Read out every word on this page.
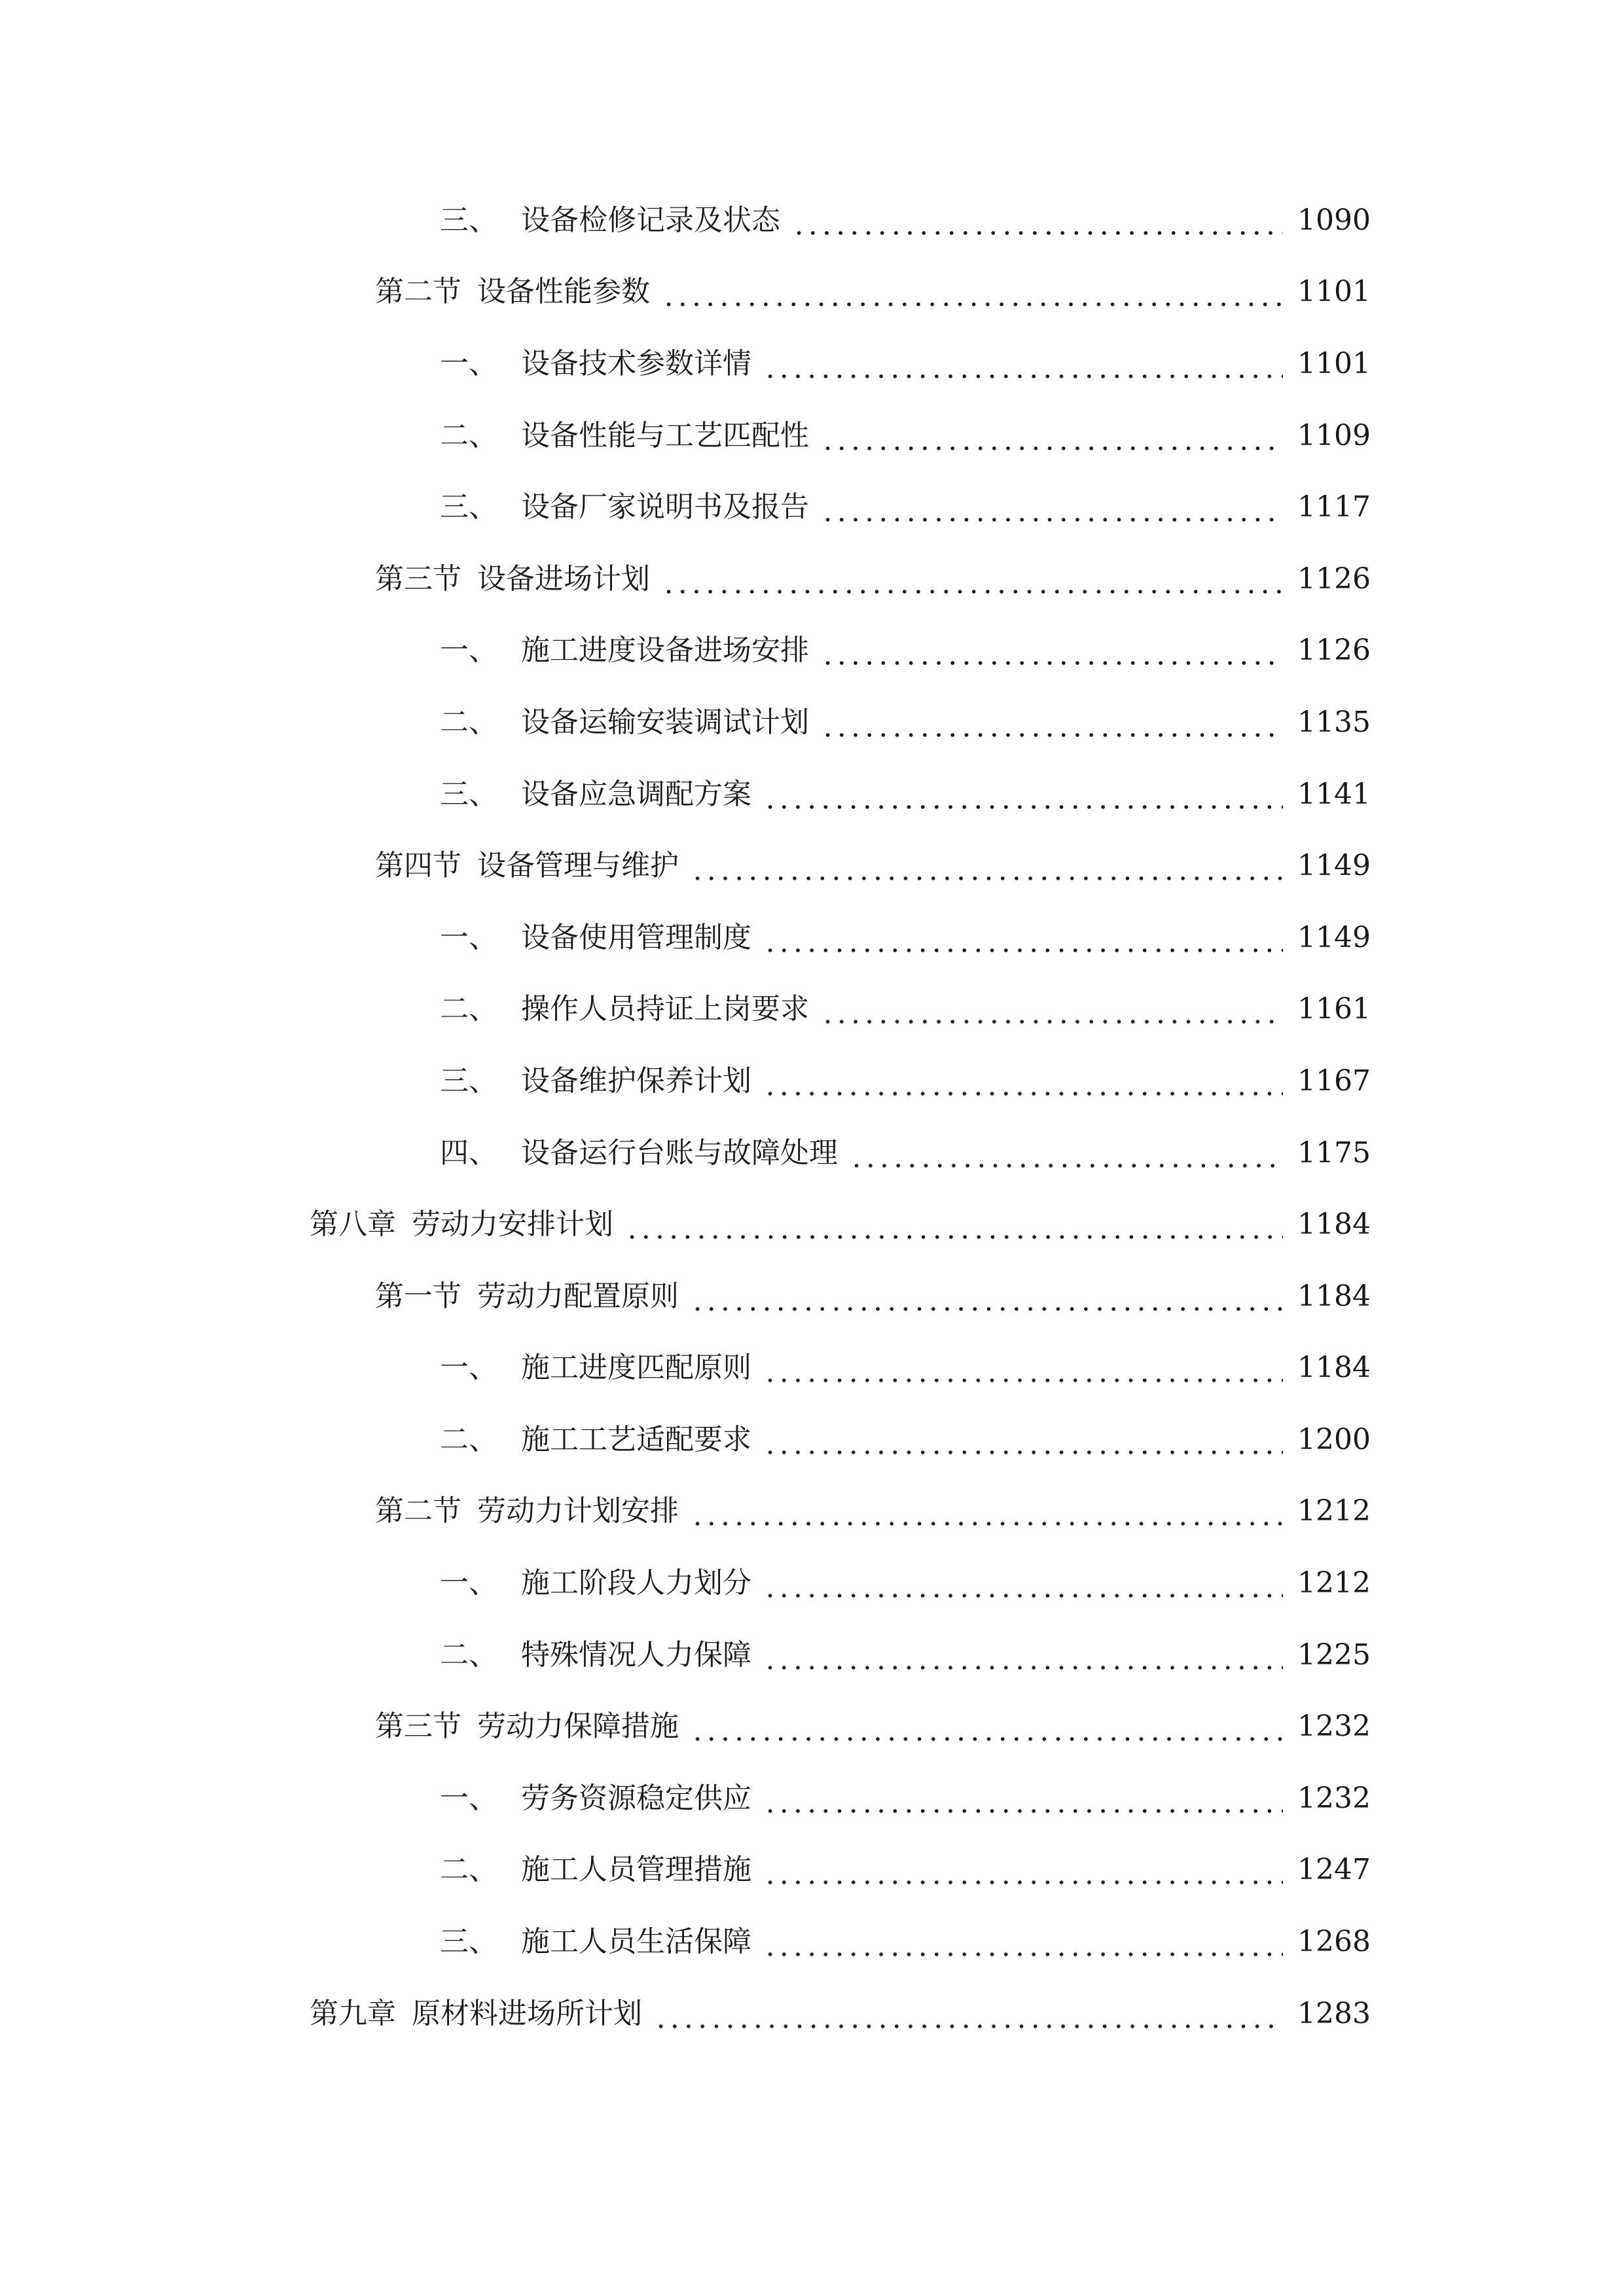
三、 设备检修记录及状态	1090
第二节 设备性能参数	1101
一、 设备技术参数详情	1101
二、 设备性能与工艺匹配性	1109
三、 设备厂家说明书及报告	1117
第三节 设备进场计划	1126
一、 施工进度设备进场安排	1126
二、 设备运输安装调试计划	1135
三、 设备应急调配方案	1141
第四节 设备管理与维护	1149
一、 设备使用管理制度	1149
二、 操作人员持证上岗要求	1161
三、 设备维护保养计划	1167
四、 设备运行台账与故障处理	1175
第八章 劳动力安排计划	1184
第一节 劳动力配置原则	1184
一、 施工进度匹配原则	1184
二、 施工工艺适配要求	1200
第二节 劳动力计划安排	1212
一、 施工阶段人力划分	1212
二、 特殊情况人力保障	1225
第三节 劳动力保障措施	1232
一、 劳务资源稳定供应	1232
二、 施工人员管理措施	1247
三、 施工人员生活保障	1268
第九章 原材料进场所计划	1283
